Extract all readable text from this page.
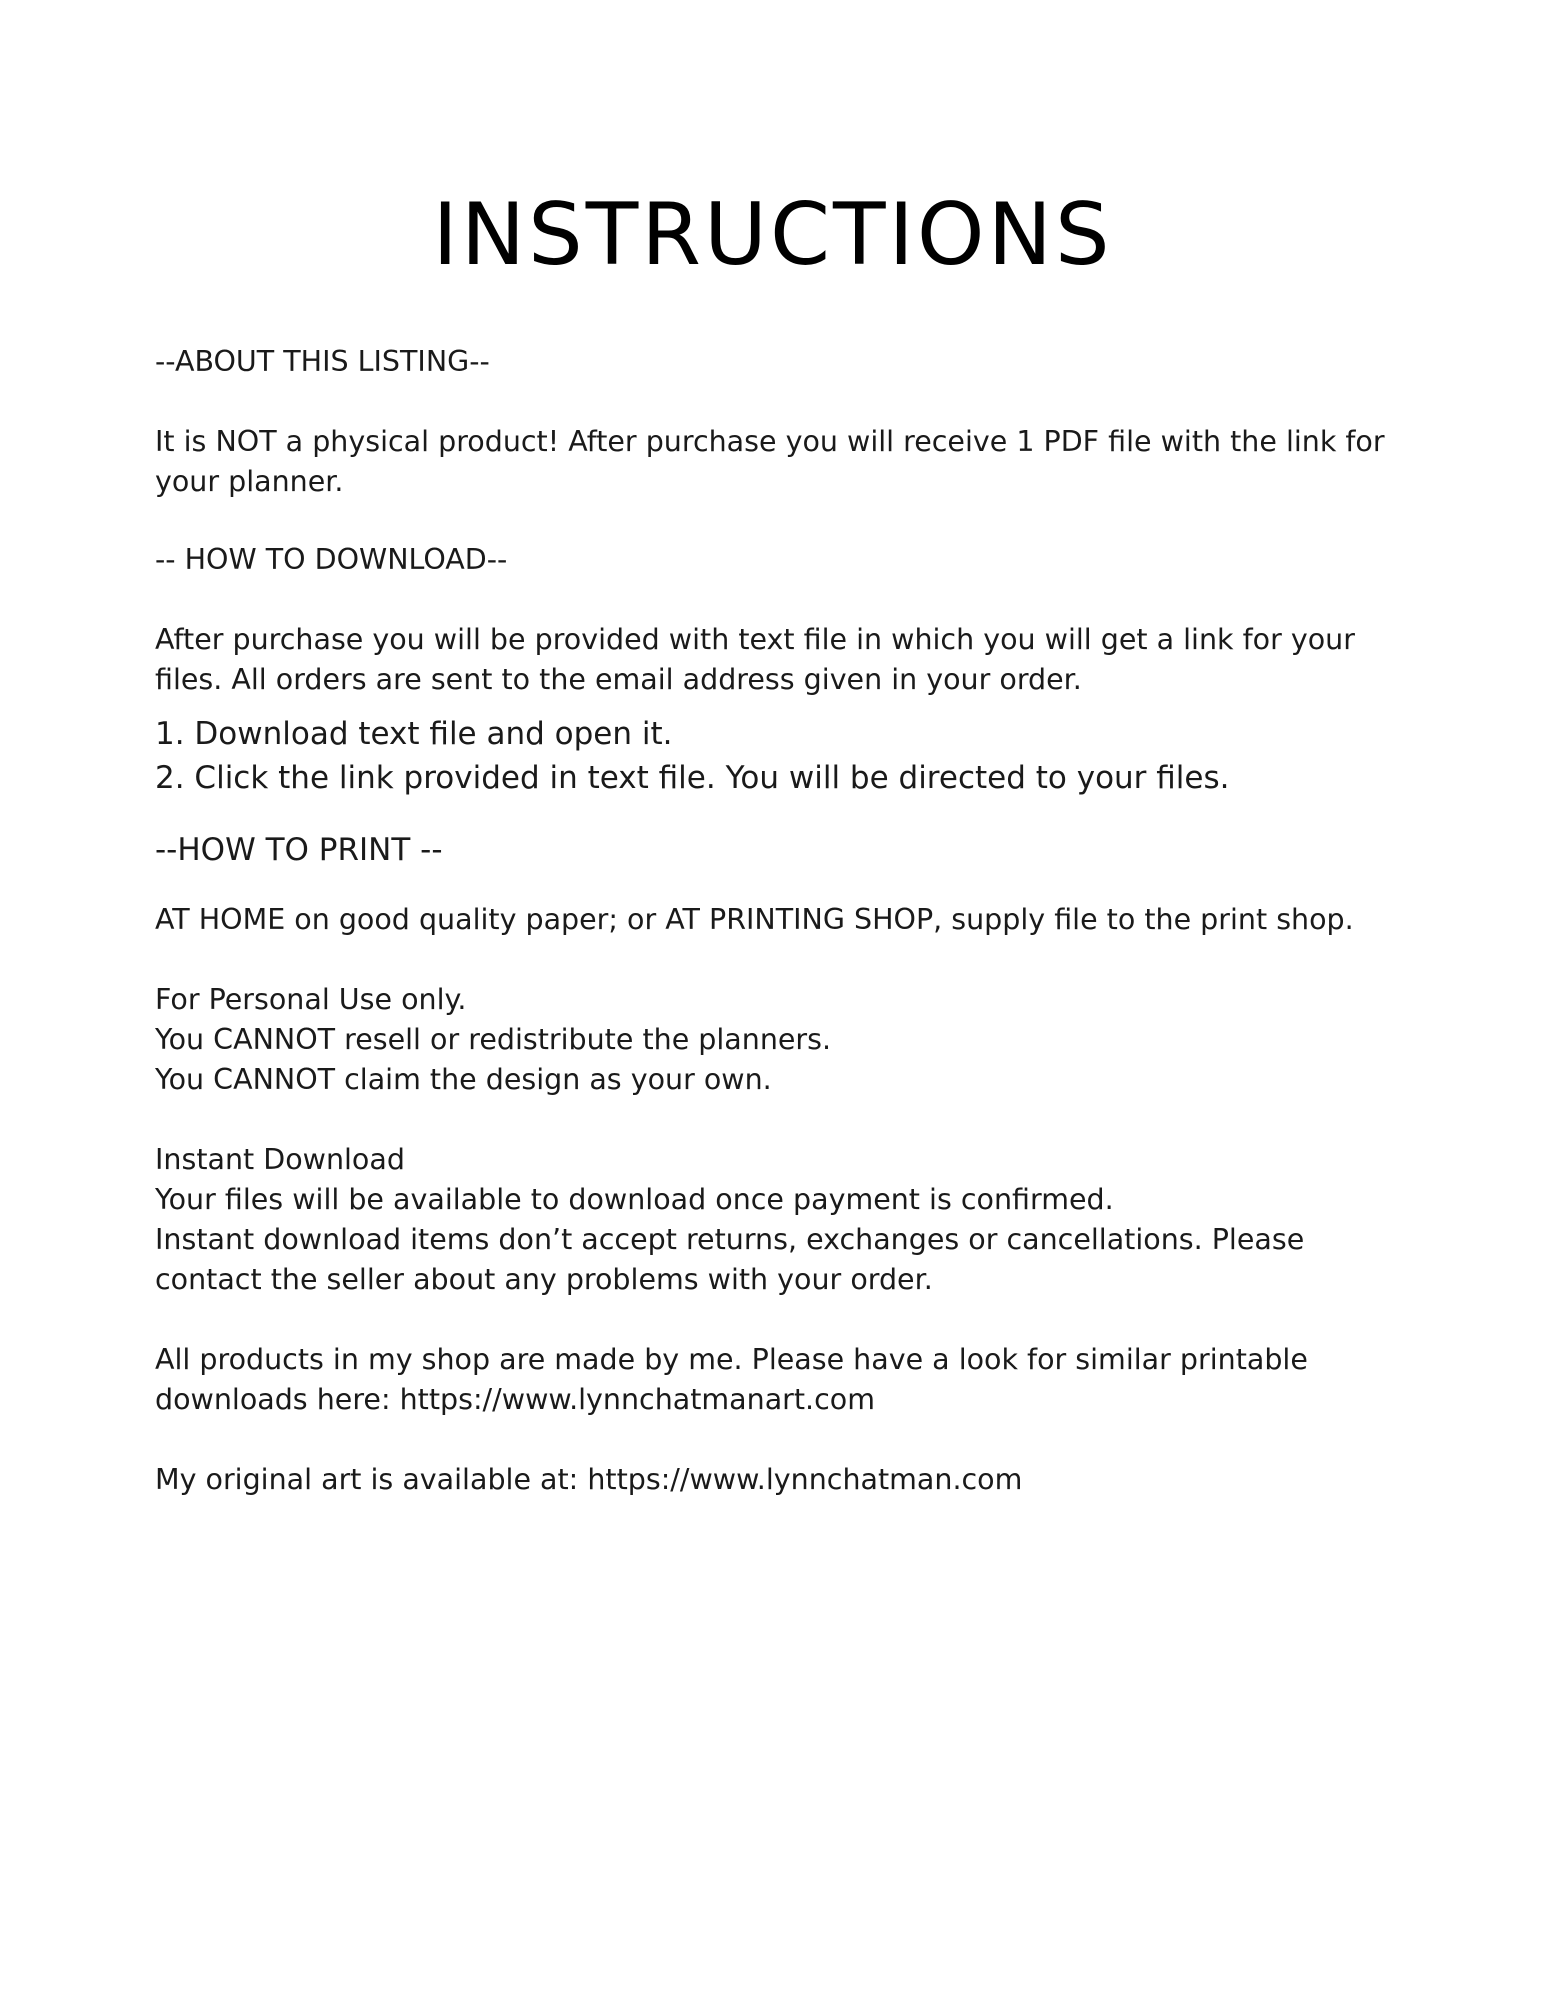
INSTRUCTIONS
--ABOUT THIS LISTING--
It is NOT a physical product! After purchase you will receive 1 PDF file with the link for
your planner.
-- HOW TO DOWNLOAD--
After purchase you will be provided with text file in which you will get a link for your
files. All orders are sent to the email address given in your order.
1. Download text file and open it.
2. Click the link provided in text file. You will be directed to your files.
--HOW TO PRINT --
AT HOME on good quality paper; or AT PRINTING SHOP, supply file to the print shop.
For Personal Use only.
You CANNOT resell or redistribute the planners.
You CANNOT claim the design as your own.
Instant Download
Your files will be available to download once payment is confirmed.
Instant download items don’t accept returns, exchanges or cancellations. Please
contact the seller about any problems with your order.
All products in my shop are made by me. Please have a look for similar printable
downloads here: https://www.lynnchatmanart.com
My original art is available at: https://www.lynnchatman.com
